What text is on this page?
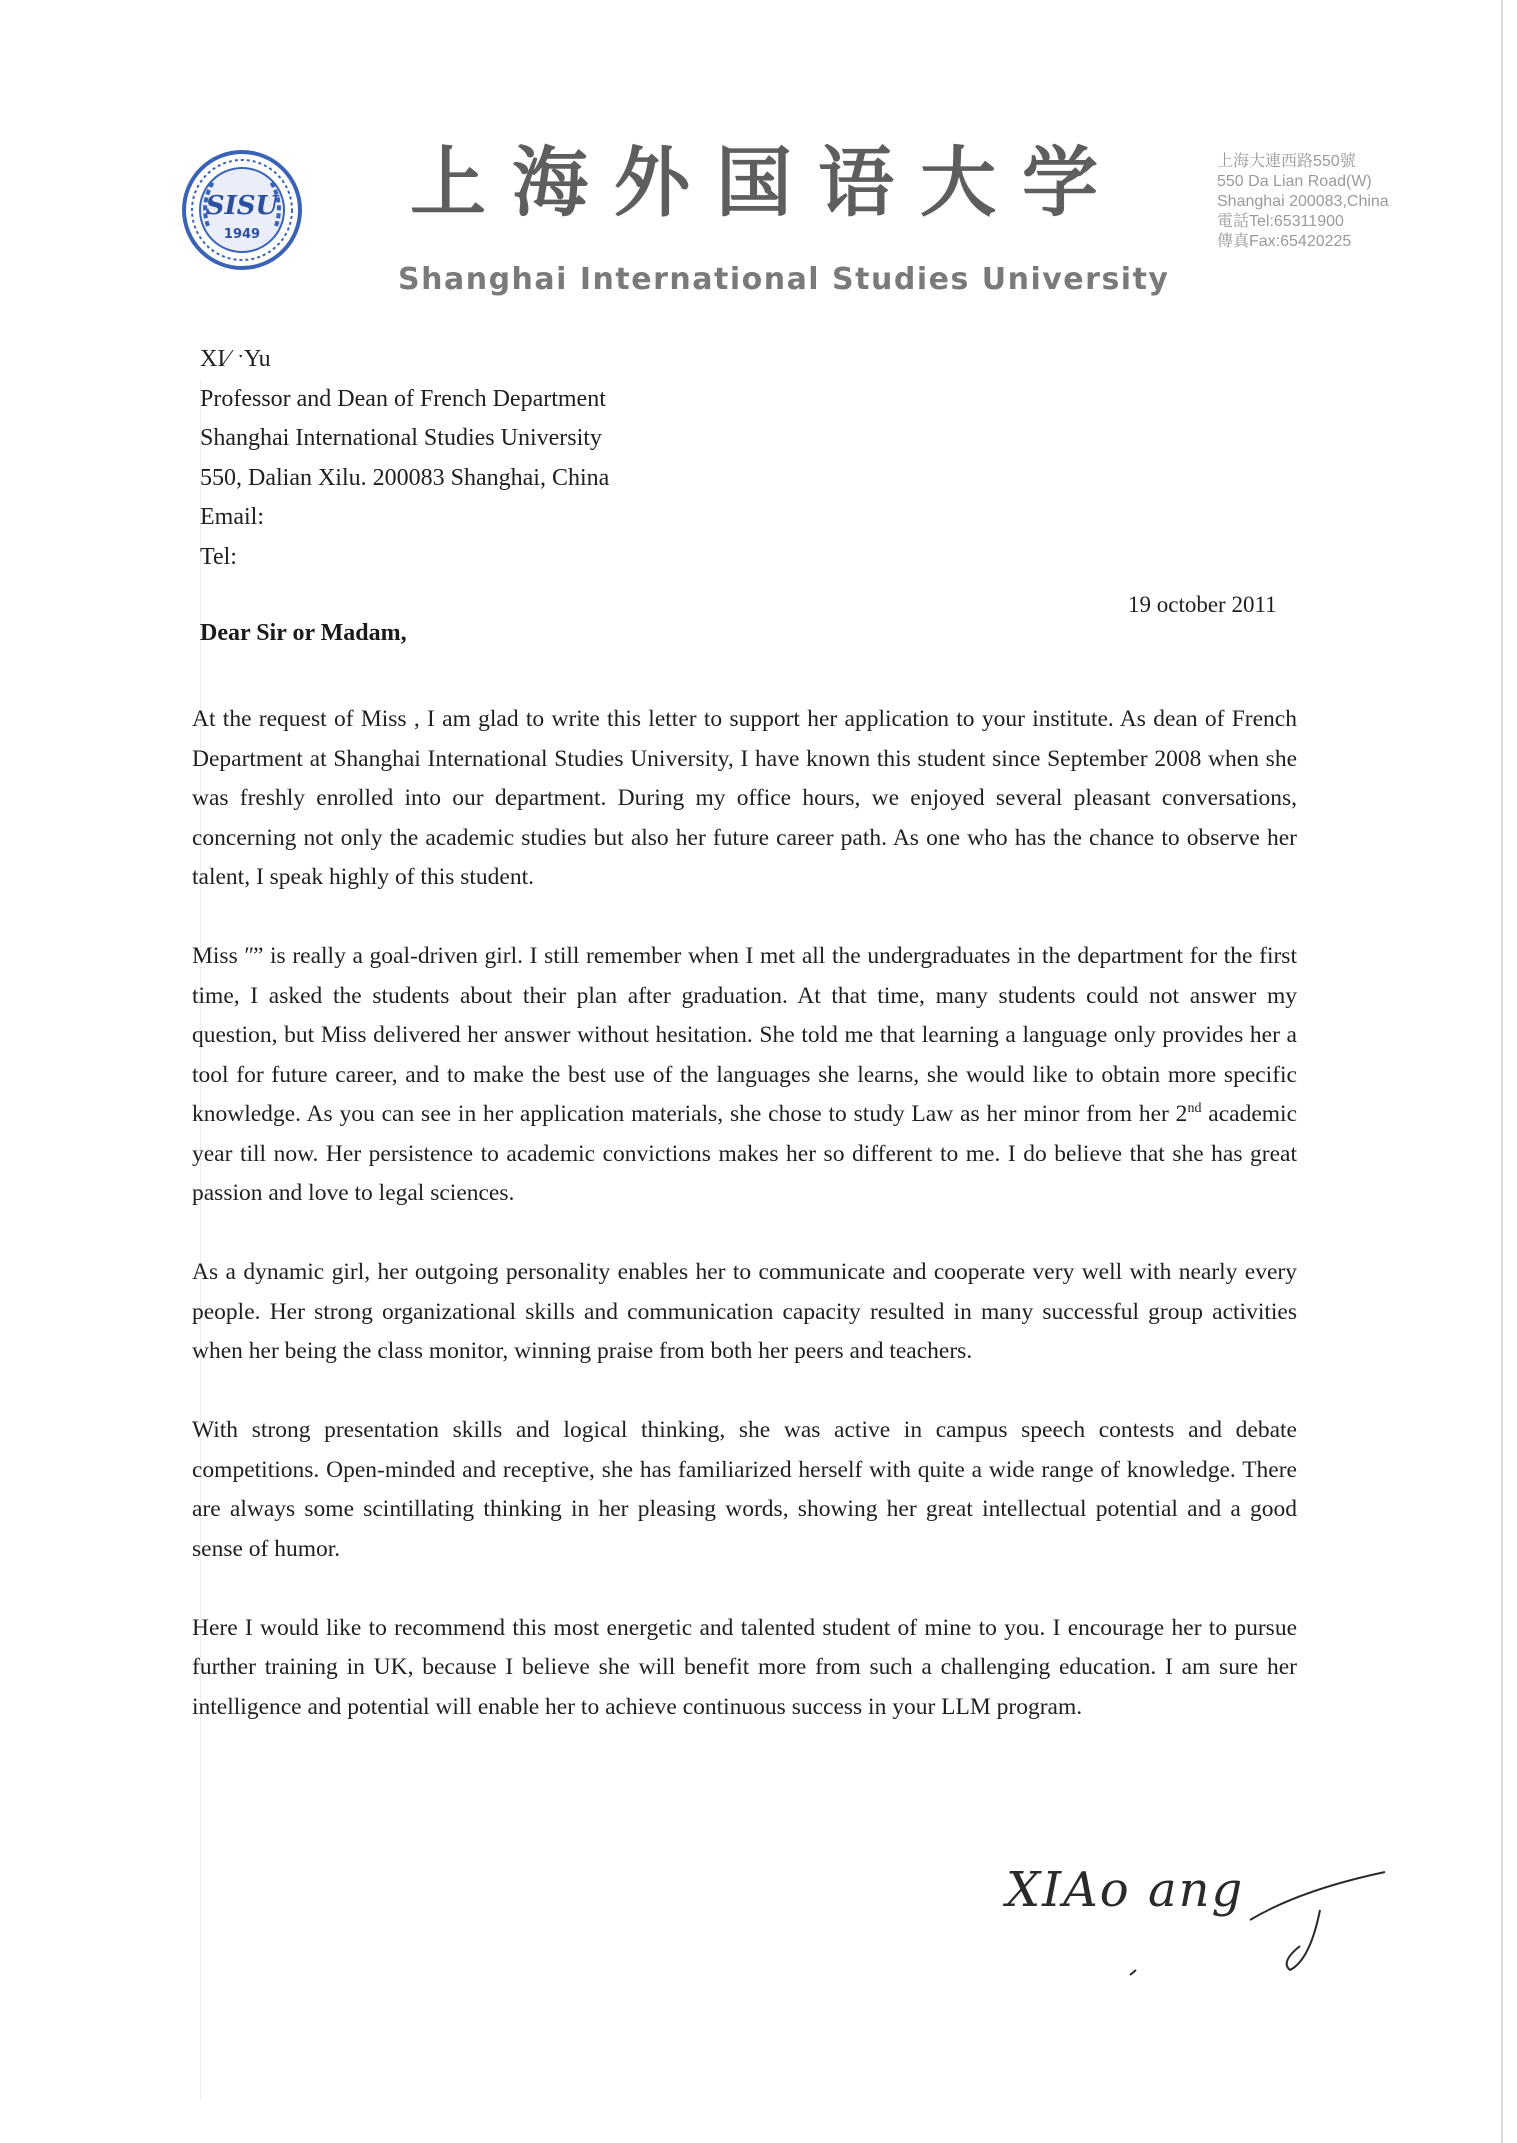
SISU
1949
上海外国语大学
Shanghai International Studies University
上海大連西路550號
550 Da Lian Road(W)
Shanghai 200083,China
電話Tel:65311900
傳真Fax:65420225
XI⁄  ˑYu
Professor and Dean of French Department
Shanghai International Studies University
550, Dalian Xilu. 200083 Shanghai, China
Email:
Tel:
19 october 2011
Dear Sir or Madam,

At the request of Miss , I am glad to write this letter to support her application to your institute. As dean of French Department at Shanghai International Studies University, I have known this student since September 2008 when she was freshly enrolled into our department. During my office hours, we enjoyed several pleasant conversations, concerning not only the academic studies but also her future career path. As one who has the chance to observe her talent, I speak highly of this student.

Miss ʺ” is really a goal-driven girl. I still remember when I met all the undergraduates in the department for the first time, I asked the students about their plan after graduation. At that time, many students could not answer my question, but Miss delivered her answer without hesitation. She told me that learning a language only provides her a tool for future career, and to make the best use of the languages she learns, she would like to obtain more specific knowledge. As you can see in her application materials, she chose to study Law as her minor from her 2nd academic year till now. Her persistence to academic convictions makes her so different to me. I do believe that she has great passion and love to legal sciences.

As a dynamic girl, her outgoing personality enables her to communicate and cooperate very well with nearly every people. Her strong organizational skills and communication capacity resulted in many successful group activities when her being the class monitor, winning praise from both her peers and teachers.

With strong presentation skills and logical thinking, she was active in campus speech contests and debate competitions. Open-minded and receptive, she has familiarized herself with quite a wide range of knowledge. There are always some scintillating thinking in her pleasing words, showing her great intellectual potential and a good sense of humor.

Here I would like to recommend this most energetic and talented student of mine to you. I encourage her to pursue further training in UK, because I believe she will benefit more from such a challenging education. I am sure her intelligence and potential will enable her to achieve continuous success in your LLM program.

XIAo ang
